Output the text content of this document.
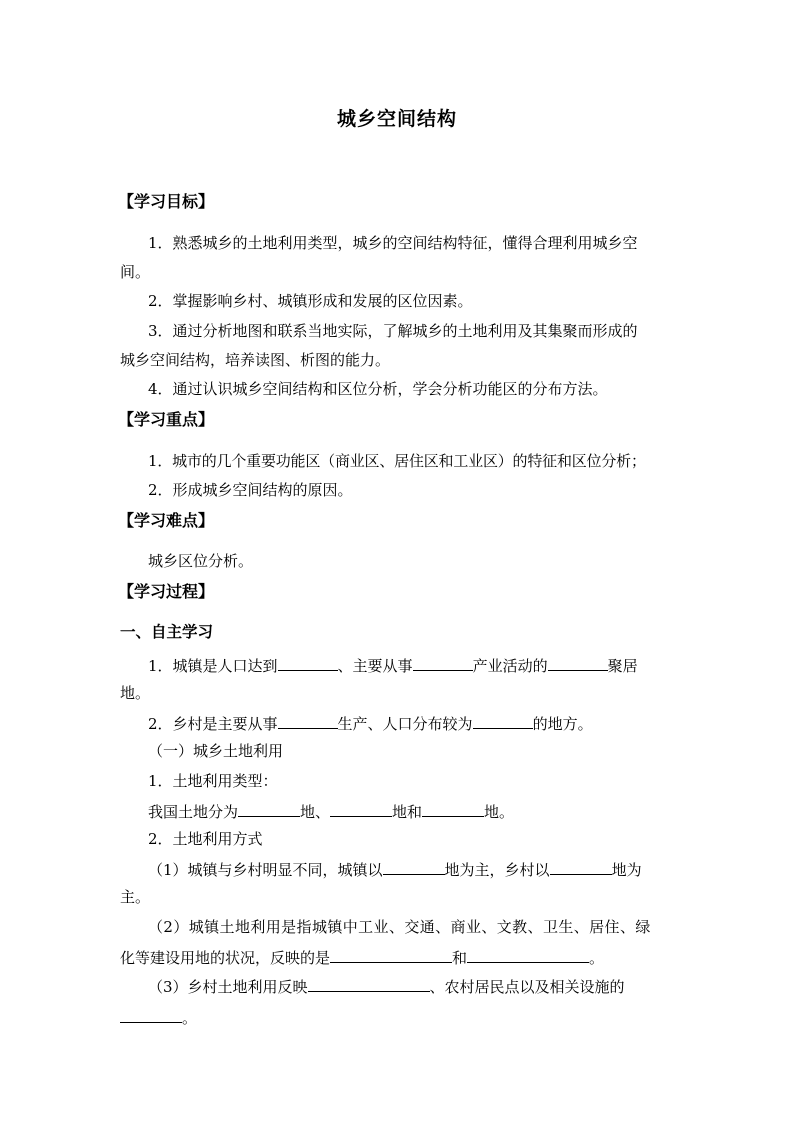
城乡空间结构
【学习目标】
1．熟悉城乡的土地利用类型，城乡的空间结构特征，懂得合理利用城乡空
间。
2．掌握影响乡村、城镇形成和发展的区位因素。
3．通过分析地图和联系当地实际，了解城乡的土地利用及其集聚而形成的
城乡空间结构，培养读图、析图的能力。
4．通过认识城乡空间结构和区位分析，学会分析功能区的分布方法。
【学习重点】
1．城市的几个重要功能区（商业区、居住区和工业区）的特征和区位分析；
2．形成城乡空间结构的原因。
【学习难点】
城乡区位分析。
【学习过程】
一、自主学习
1．城镇是人口达到	、主要从事	产业活动的	聚居
地。
2．乡村是主要从事	生产、人口分布较为	的地方。
（一）城乡土地利用
1．土地利用类型：
我国土地分为	地、	地和	地。
2．土地利用方式
（1）城镇与乡村明显不同，城镇以	地为主，乡村以	地为
主。
（2）城镇土地利用是指城镇中工业、交通、商业、文教、卫生、居住、绿
化等建设用地的状况，反映的是	和	。
（3）乡村土地利用反映	、农村居民点以及相关设施的
。
